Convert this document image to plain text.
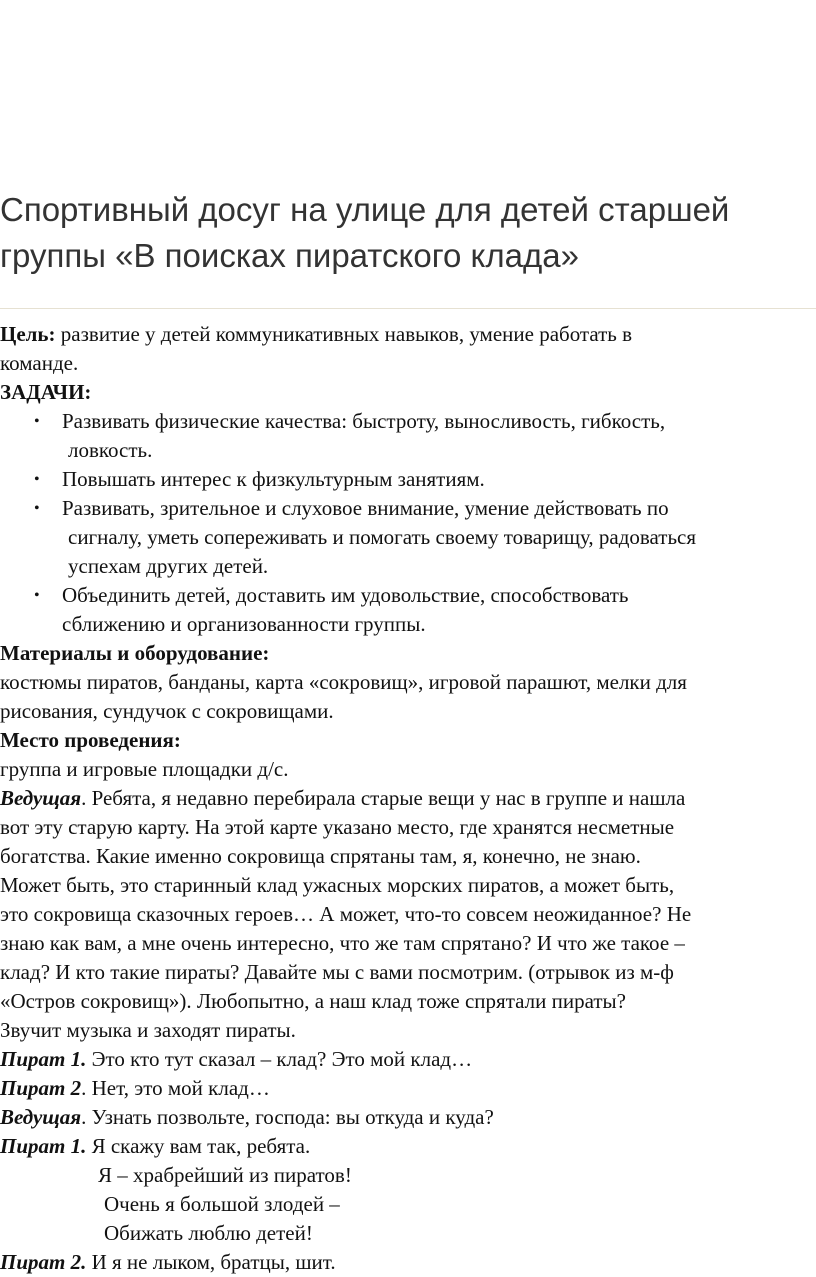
Спортивный досуг на улице для детей старшей
группы «В поисках пиратского клада»
Цель: развитие у детей коммуникативных навыков, умение работать в
команде.
ЗАДАЧИ:
• Развивать физические качества: быстроту, выносливость, гибкость,
ловкость.
• Повышать интерес к физкультурным занятиям.
• Развивать, зрительное и слуховое внимание, умение действовать по
сигналу, уметь сопереживать и помогать своему товарищу, радоваться
успехам других детей.
• Объединить детей, доставить им удовольствие, способствовать
сближению и организованности группы.
Материалы и оборудование:
костюмы пиратов, банданы, карта «сокровищ», игровой парашют, мелки для
рисования, сундучок с сокровищами.
Место проведения:
группа и игровые площадки д/с.
Ведущая. Ребята, я недавно перебирала старые вещи у нас в группе и нашла
вот эту старую карту. На этой карте указано место, где хранятся несметные
богатства. Какие именно сокровища спрятаны там, я, конечно, не знаю.
Может быть, это старинный клад ужасных морских пиратов, а может быть,
это сокровища сказочных героев… А может, что-то совсем неожиданное? Не
знаю как вам, а мне очень интересно, что же там спрятано? И что же такое –
клад? И кто такие пираты? Давайте мы с вами посмотрим. (отрывок из м-ф
«Остров сокровищ»). Любопытно, а наш клад тоже спрятали пираты?
Звучит музыка и заходят пираты.
Пират 1. Это кто тут сказал – клад? Это мой клад…
Пират 2. Нет, это мой клад…
Ведущая. Узнать позвольте, господа: вы откуда и куда?
Пират 1. Я скажу вам так, ребята.
Я – храбрейший из пиратов!
Очень я большой злодей –
Обижать люблю детей!
Пират 2. И я не лыком, братцы, шит.
